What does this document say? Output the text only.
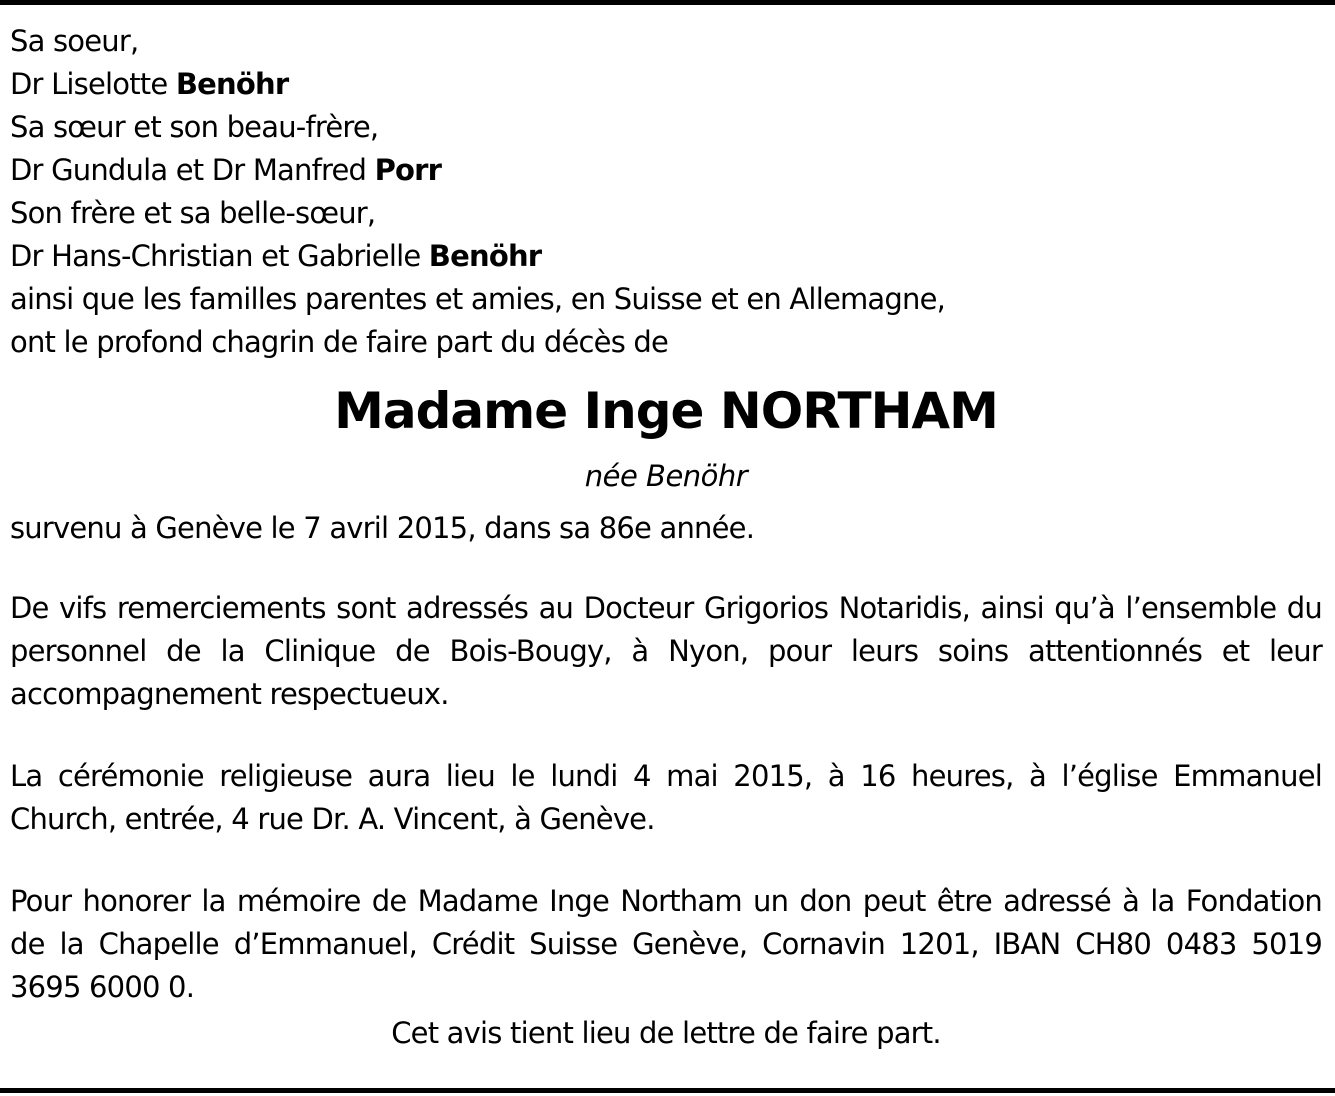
Sa soeur,
Dr Liselotte Benöhr
Sa sœur et son beau-frère,
Dr Gundula et Dr Manfred Porr
Son frère et sa belle-sœur,
Dr Hans-Christian et Gabrielle Benöhr
ainsi que les familles parentes et amies, en Suisse et en Allemagne,
ont le profond chagrin de faire part du décès de
Madame Inge NORTHAM
née Benöhr
survenu à Genève le 7 avril 2015, dans sa 86e année.
De vifs remerciements sont adressés au Docteur Grigorios Notaridis, ainsi qu’à l’ensemble du personnel de la Clinique de Bois-Bougy, à Nyon, pour leurs soins attentionnés et leur accompagnement respectueux.
La cérémonie religieuse aura lieu le lundi 4 mai 2015, à 16 heures, à l’église Emmanuel Church, entrée, 4 rue Dr. A. Vincent, à Genève.
Pour honorer la mémoire de Madame Inge Northam un don peut être adressé à la Fondation de la Chapelle d’Emmanuel, Crédit Suisse Genève, Cornavin 1201, IBAN CH80 0483 5019 3695 6000 0.
Cet avis tient lieu de lettre de faire part.
